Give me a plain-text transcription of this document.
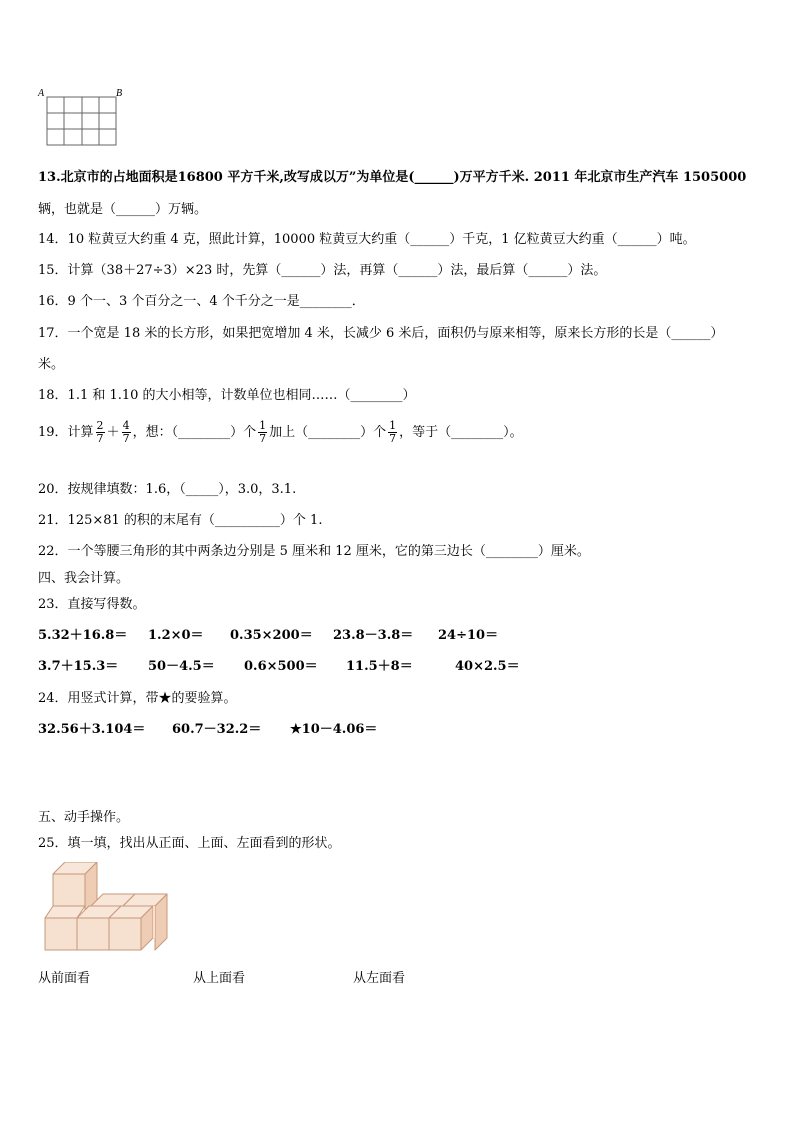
A	B
13.北京市的占地面积是16800 平方千米,改写成以万”为单位是(______)万平方千米. 2011 年北京市生产汽车 1505000
辆，也就是（______）万辆。
14．10 粒黄豆大约重 4 克，照此计算，10000 粒黄豆大约重（______）千克，1 亿粒黄豆大约重（______）吨。
15．计算（38＋27÷3）×23 时，先算（______）法，再算（______）法，最后算（______）法。
16．9 个一、3 个百分之一、4 个千分之一是________．
17．一个宽是 18 米的长方形，如果把宽增加 4 米，长减少 6 米后，面积仍与原来相等，原来长方形的长是（______）
米。
18．1.1 和 1.10 的大小相等，计数单位也相同……（________）
19．计算 $\frac{2}{7} + \frac{4}{7}$ ，想：（________）个 $\frac{1}{7}$ 加上（________）个 $\frac{1}{7}$ ，等于（________）。
20．按规律填数：1.6，（_____），3.0，3.1.
21．125×81 的积的末尾有（__________）个 1.
22．一个等腰三角形的其中两条边分别是 5 厘米和 12 厘米，它的第三边长（________）厘米。
四、我会计算。
23．直接写得数。
5.32＋16.8＝ 1.2×0＝ 0.35×200＝ 23.8－3.8＝ 24÷10＝
3.7＋15.3＝ 50－4.5＝ 0.6×500＝ 11.5＋8＝	40×2.5＝
24．用竖式计算，带★的要验算。
32.56＋3.104＝ 60.7－32.2＝ ★10－4.06＝
五、动手操作。
25．填一填，找出从正面、上面、左面看到的形状。
从前面看	从上面看	从左面看
